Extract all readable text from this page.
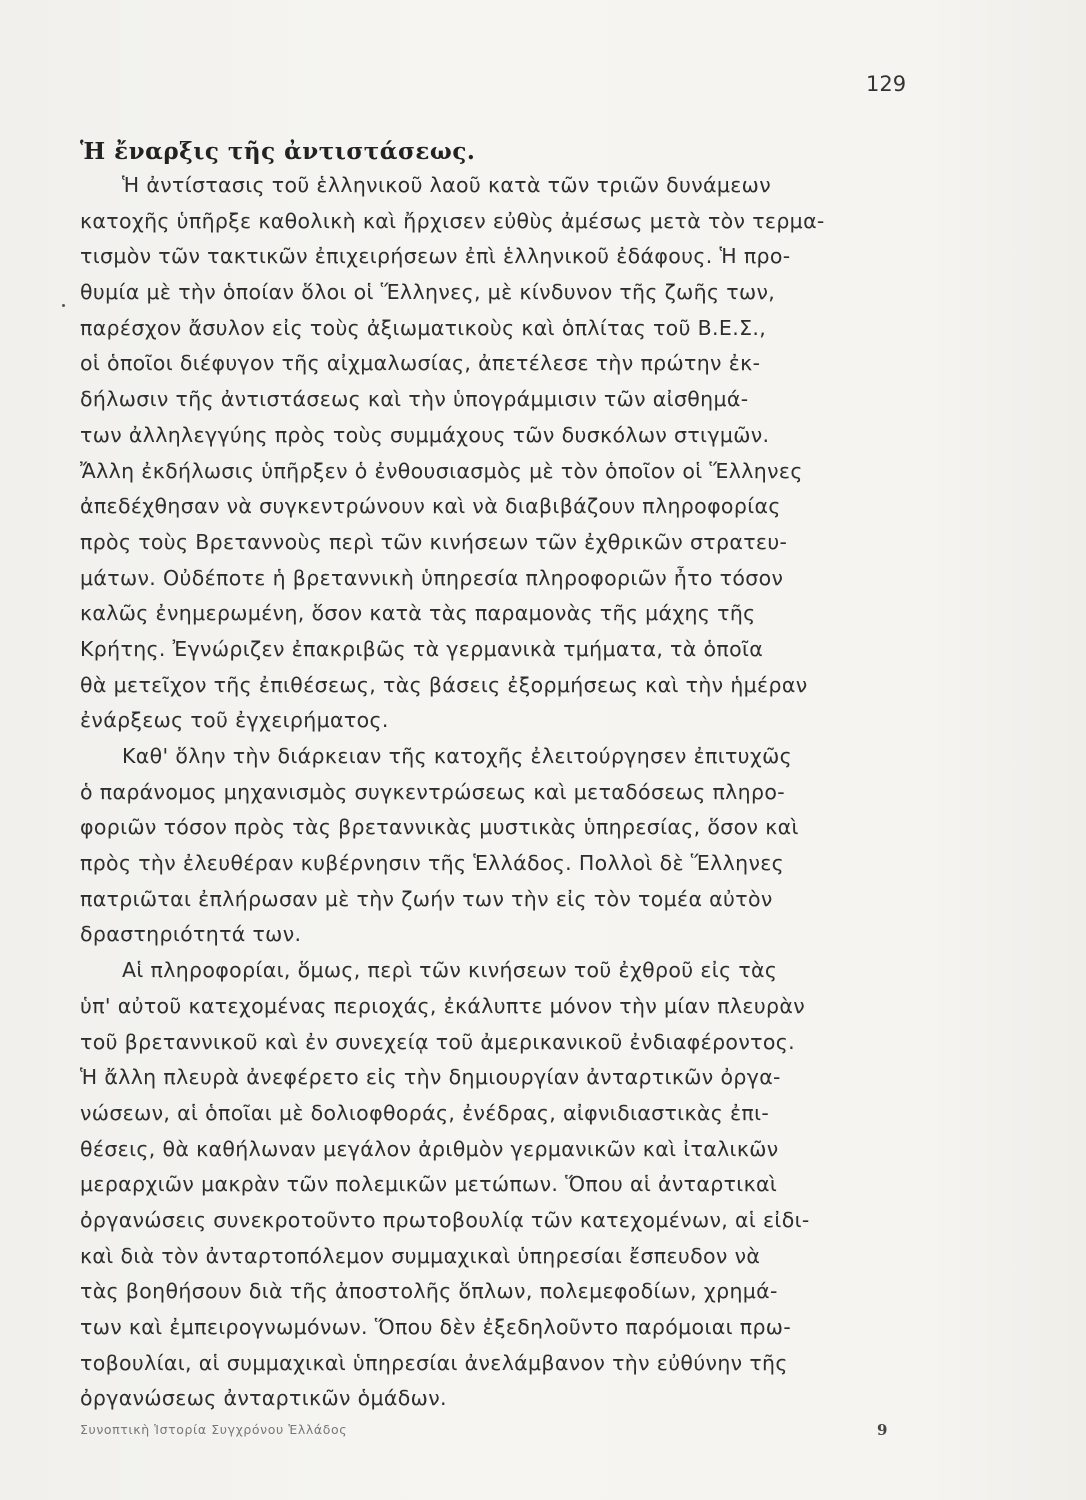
129
Ἡ ἔναρξις τῆς ἀντιστάσεως.
Ἡ ἀντίστασις τοῦ ἑλληνικοῦ λαοῦ κατὰ τῶν τριῶν δυνάμεων
κατοχῆς ὑπῆρξε καθολικὴ καὶ ἤρχισεν εὐθὺς ἀμέσως μετὰ τὸν τερμα-
τισμὸν τῶν τακτικῶν ἐπιχειρήσεων ἐπὶ ἑλληνικοῦ ἐδάφους. Ἡ προ-
θυμία μὲ τὴν ὁποίαν ὅλοι οἱ Ἕλληνες, μὲ κίνδυνον τῆς ζωῆς των,
παρέσχον ἄσυλον εἰς τοὺς ἀξιωματικοὺς καὶ ὁπλίτας τοῦ Β.Ε.Σ.,
οἱ ὁποῖοι διέφυγον τῆς αἰχμαλωσίας, ἀπετέλεσε τὴν πρώτην ἐκ-
δήλωσιν τῆς ἀντιστάσεως καὶ τὴν ὑπογράμμισιν τῶν αἰσθημά-
των ἀλληλεγγύης πρὸς τοὺς συμμάχους τῶν δυσκόλων στιγμῶν.
Ἄλλη ἐκδήλωσις ὑπῆρξεν ὁ ἐνθουσιασμὸς μὲ τὸν ὁποῖον οἱ Ἕλληνες
ἀπεδέχθησαν νὰ συγκεντρώνουν καὶ νὰ διαβιβάζουν πληροφορίας
πρὸς τοὺς Βρεταννοὺς περὶ τῶν κινήσεων τῶν ἐχθρικῶν στρατευ-
μάτων. Οὐδέποτε ἡ βρεταννικὴ ὑπηρεσία πληροφοριῶν ἦτο τόσον
καλῶς ἐνημερωμένη, ὅσον κατὰ τὰς παραμονὰς τῆς μάχης τῆς
Κρήτης. Ἐγνώριζεν ἐπακριβῶς τὰ γερμανικὰ τμήματα, τὰ ὁποῖα
θὰ μετεῖχον τῆς ἐπιθέσεως, τὰς βάσεις ἐξορμήσεως καὶ τὴν ἡμέραν
ἐνάρξεως τοῦ ἐγχειρήματος.
Καθ' ὅλην τὴν διάρκειαν τῆς κατοχῆς ἐλειτούργησεν ἐπιτυχῶς
ὁ παράνομος μηχανισμὸς συγκεντρώσεως καὶ μεταδόσεως πληρο-
φοριῶν τόσον πρὸς τὰς βρεταννικὰς μυστικὰς ὑπηρεσίας, ὅσον καὶ
πρὸς τὴν ἐλευθέραν κυβέρνησιν τῆς Ἑλλάδος. Πολλοὶ δὲ Ἕλληνες
πατριῶται ἐπλήρωσαν μὲ τὴν ζωήν των τὴν εἰς τὸν τομέα αὐτὸν
δραστηριότητά των.
Αἱ πληροφορίαι, ὅμως, περὶ τῶν κινήσεων τοῦ ἐχθροῦ εἰς τὰς
ὑπ' αὐτοῦ κατεχομένας περιοχάς, ἐκάλυπτε μόνον τὴν μίαν πλευρὰν
τοῦ βρεταννικοῦ καὶ ἐν συνεχείᾳ τοῦ ἀμερικανικοῦ ἐνδιαφέροντος.
Ἡ ἄλλη πλευρὰ ἀνεφέρετο εἰς τὴν δημιουργίαν ἀνταρτικῶν ὀργα-
νώσεων, αἱ ὁποῖαι μὲ δολιοφθοράς, ἐνέδρας, αἰφνιδιαστικὰς ἐπι-
θέσεις, θὰ καθήλωναν μεγάλον ἀριθμὸν γερμανικῶν καὶ ἰταλικῶν
μεραρχιῶν μακρὰν τῶν πολεμικῶν μετώπων. Ὅπου αἱ ἀνταρτικαὶ
ὀργανώσεις συνεκροτοῦντο πρωτοβουλίᾳ τῶν κατεχομένων, αἱ εἰδι-
καὶ διὰ τὸν ἀνταρτοπόλεμον συμμαχικαὶ ὑπηρεσίαι ἔσπευδον νὰ
τὰς βοηθήσουν διὰ τῆς ἀποστολῆς ὅπλων, πολεμεφοδίων, χρημά-
των καὶ ἐμπειρογνωμόνων. Ὅπου δὲν ἐξεδηλοῦντο παρόμοιαι πρω-
τοβουλίαι, αἱ συμμαχικαὶ ὑπηρεσίαι ἀνελάμβανον τὴν εὐθύνην τῆς
ὀργανώσεως ἀνταρτικῶν ὁμάδων.
Συνοπτικὴ Ἱστορία Συγχρόνου Ἑλλάδος	9
